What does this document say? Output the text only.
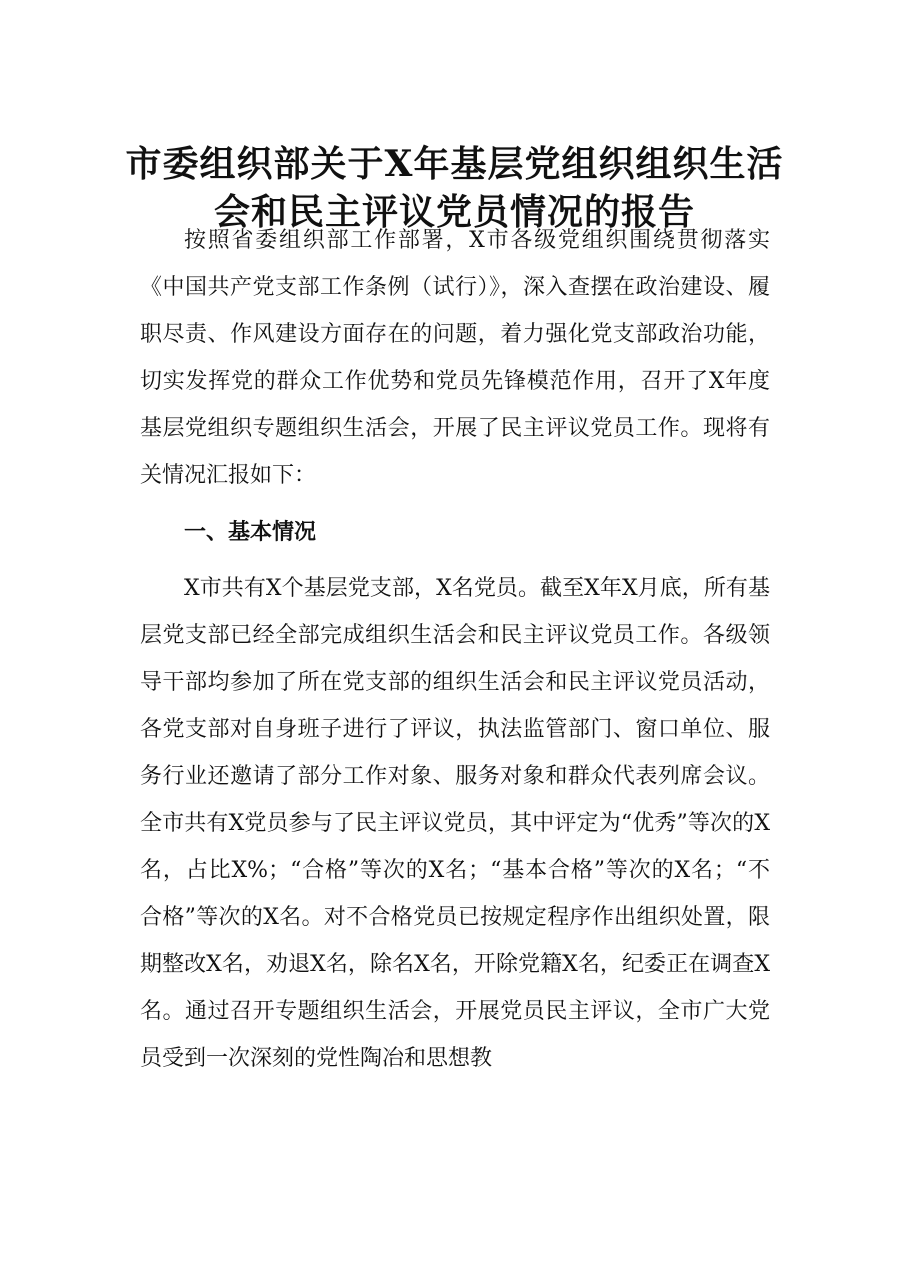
市委组织部关于X年基层党组织组织生活
会和民主评议党员情况的报告

按照省委组织部工作部署，X市各级党组织围绕贯彻落实《中国共产党支部工作条例（试行）》，深入查摆在政治建设、履职尽责、作风建设方面存在的问题，着力强化党支部政治功能，切实发挥党的群众工作优势和党员先锋模范作用，召开了X年度基层党组织专题组织生活会，开展了民主评议党员工作。现将有关情况汇报如下：

一、基本情况

X市共有X个基层党支部，X名党员。截至X年X月底，所有基层党支部已经全部完成组织生活会和民主评议党员工作。各级领导干部均参加了所在党支部的组织生活会和民主评议党员活动，各党支部对自身班子进行了评议，执法监管部门、窗口单位、服务行业还邀请了部分工作对象、服务对象和群众代表列席会议。全市共有X党员参与了民主评议党员，其中评定为“优秀”等次的X名，占比X%；“合格”等次的X名；“基本合格”等次的X名；“不合格”等次的X名。对不合格党员已按规定程序作出组织处置，限期整改X名，劝退X名，除名X名，开除党籍X名，纪委正在调查X名。通过召开专题组织生活会，开展党员民主评议，全市广大党员受到一次深刻的党性陶冶和思想教
